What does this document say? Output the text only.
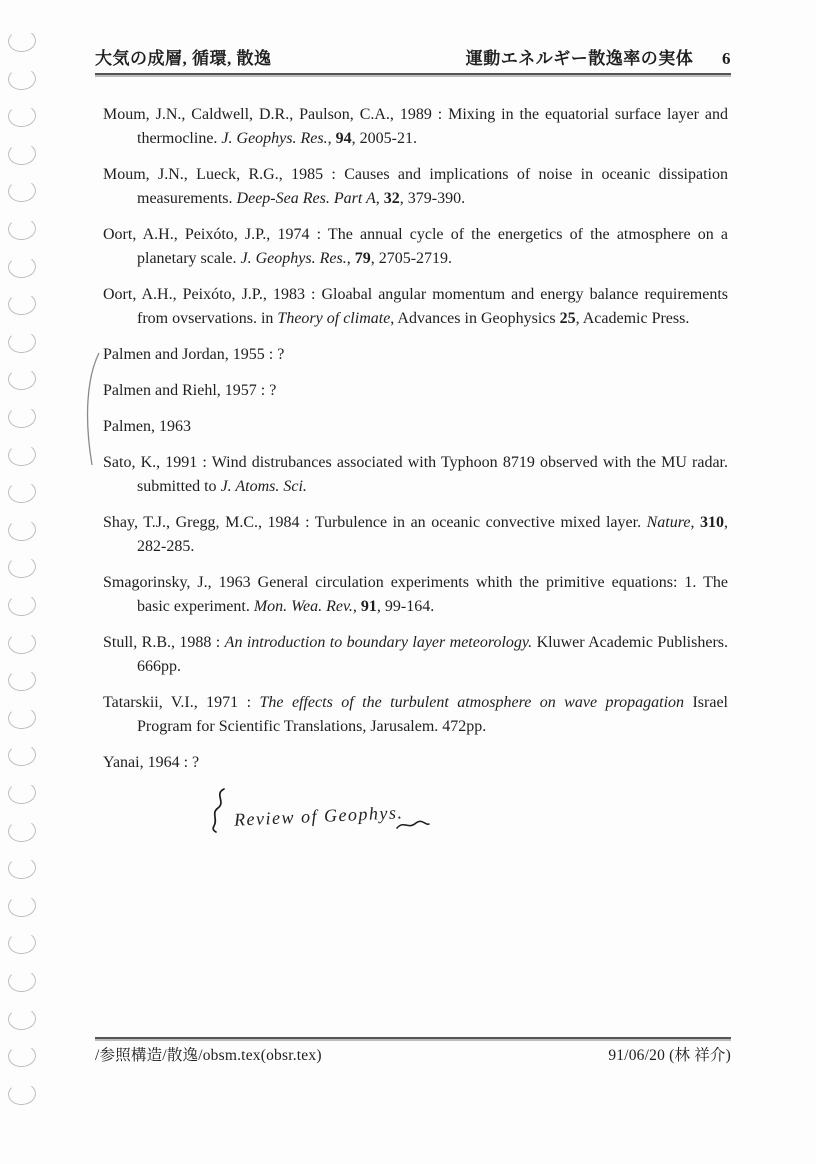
大気の成層, 循環, 散逸	運動エネルギー散逸率の実体 6

Moum, J.N., Caldwell, D.R., Paulson, C.A., 1989 : Mixing in the equatorial surface layer and thermocline. J. Geophys. Res., 94, 2005-21.

Moum, J.N., Lueck, R.G., 1985 : Causes and implications of noise in oceanic dissipation measurements. Deep-Sea Res. Part A, 32, 379-390.

Oort, A.H., Peixóto, J.P., 1974 : The annual cycle of the energetics of the atmosphere on a planetary scale. J. Geophys. Res., 79, 2705-2719.

Oort, A.H., Peixóto, J.P., 1983 : Gloabal angular momentum and energy balance requirements from ovservations. in Theory of climate, Advances in Geophysics 25, Academic Press.

Palmen and Jordan, 1955 : ?

Palmen and Riehl, 1957 : ?

Palmen, 1963

Sato, K., 1991 : Wind distrubances associated with Typhoon 8719 observed with the MU radar. submitted to J. Atoms. Sci.

Shay, T.J., Gregg, M.C., 1984 : Turbulence in an oceanic convective mixed layer. Nature, 310, 282-285.

Smagorinsky, J., 1963 General circulation experiments whith the primitive equations: 1. The basic experiment. Mon. Wea. Rev., 91, 99-164.

Stull, R.B., 1988 : An introduction to boundary layer meteorology. Kluwer Academic Publishers. 666pp.

Tatarskii, V.I., 1971 : The effects of the turbulent atmosphere on wave propagation Israel Program for Scientific Translations, Jarusalem. 472pp.

Yanai, 1964 : ?

Review of Geophys.
/参照構造/散逸/obsm.tex(obsr.tex)	91/06/20 (林 祥介)
